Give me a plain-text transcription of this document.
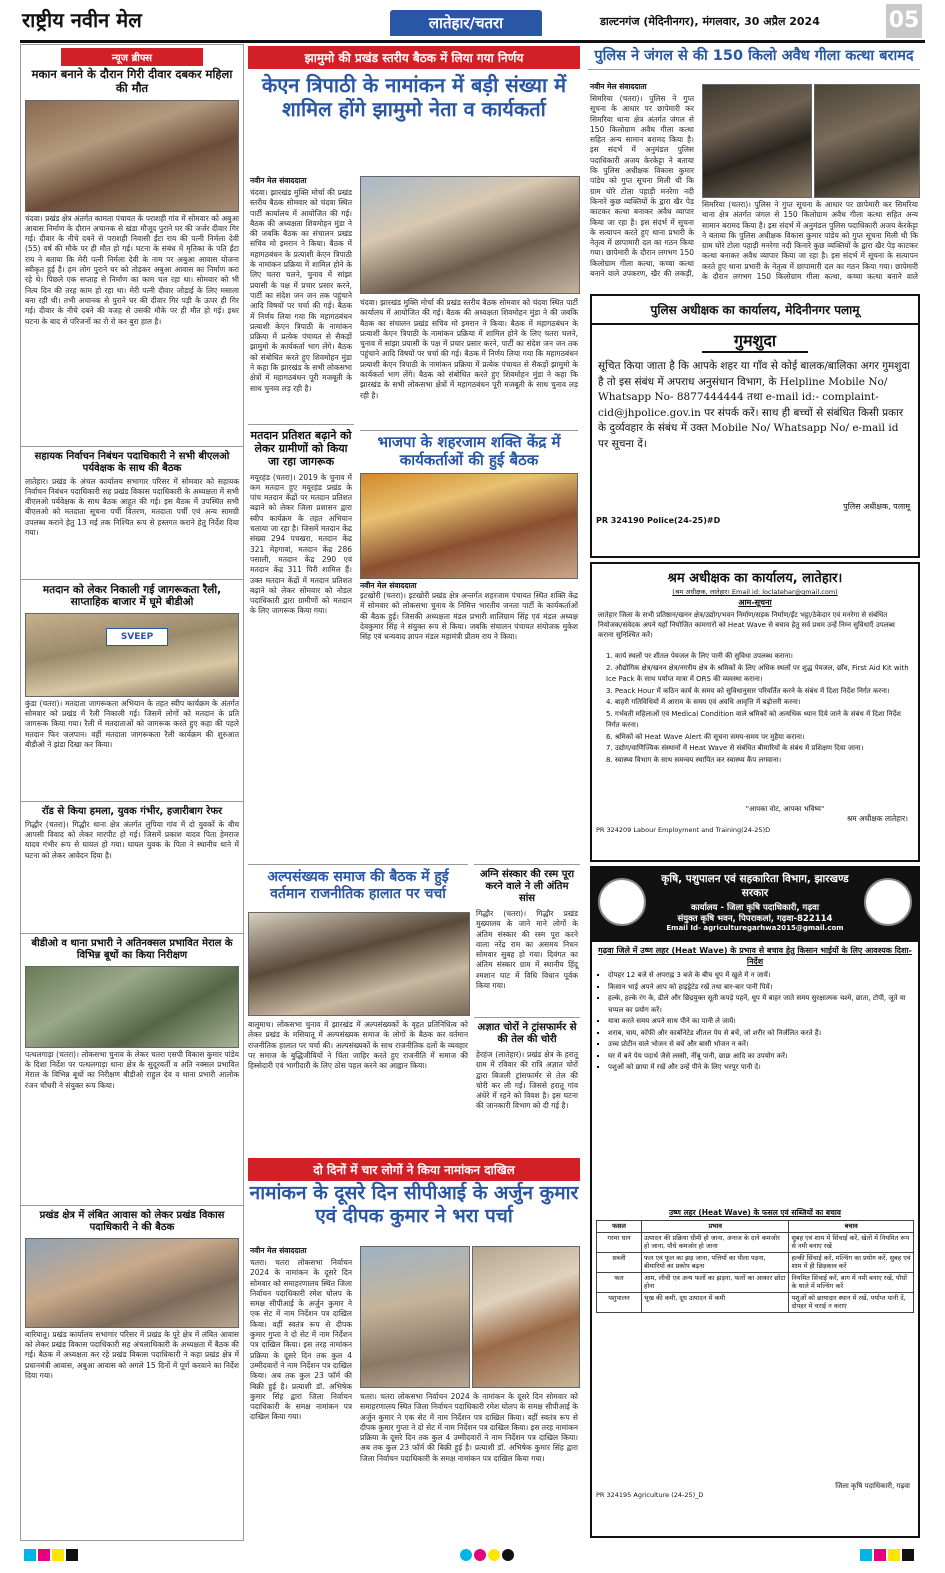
राष्ट्रीय नवीन मेल	लातेहार/चतरा	डाल्टनगंज (मेदिनीनगर), मंगलवार, 30 अप्रैल 2024	05
न्यूज ब्रीफ्स
मकान बनाने के दौरान गिरी दीवार दबकर महिला की मौत
चंदवा। प्रखंड क्षेत्र अंतर्गत कामता पंचायत के पराशही गांव में सोमवार को अबुआ आवास निर्माण के दौरान अचानक से खंडा मौजूद पुराने घर की जर्जर दीवार गिर गई। दीवार के नीचे दबने से पराशही निवासी ईंटा राय की पत्नी निर्मला देवी (55) वर्ष की मौके पर ही मौत हो गई। घटना के संबंध में मृतिका के पति ईंटा राय ने बताया कि मेरी पत्नी निर्मला देवी के नाम पर अबुआ आवास योजना स्वीकृत हुई है। हम लोग पुराने घर को तोड़कर अबुआ आवास का निर्माण करा रहे थे। पिछले एक सप्ताह से निर्माण का काम चल रहा था। सोमवार को भी नित्य दिन की तरह काम हो रहा था। मेरी पत्नी दीवार जोड़ाई के लिए मसाला बना रही थी। तभी अचानक से पुराने घर की दीवार गिर पड़ी के ऊपर ही गिर गई। दीवार के नीचे दबने की वजह से उसकी मौके पर ही मौत हो गई। इधर घटना के बाद से परिजनों का रो रो कर बुरा हाल है।
सहायक निर्वाचन निबंधन पदाधिकारी ने सभी बीएलओ पर्यवेक्षक के साथ की बैठक
लातेहार। प्रखंड के अंचल कार्यालय सभागार परिसर में सोमवार को सहायक निर्वाचन निबंधन पदाधिकारी सह प्रखंड विकास पदाधिकारी के अध्यक्षता में सभी बीएलओ पर्यवेक्षक के साथ बैठक आहूत की गई। इस बैठक में उपस्थित सभी बीएलओ को मतदाता सूचना पर्ची वितरण, मतदाता पर्ची एवं अन्य सामग्री उपलब्ध कराने हेतु 13 मई तक निश्चित रूप से हस्तगत कराने हेतु निर्देश दिया गया।
मतदान को लेकर निकाली गई जागरूकता रैली, साप्ताहिक बाजार में घूमे बीडीओ
SVEEP
कुंडा (चतरा)। मतदाता जागरूकता अभियान के तहत स्वीप कार्यक्रम के अंतर्गत सोमवार को प्रखंड में रैली निकाली गई। जिसमें लोगों को मतदान के प्रति जागरूक किया गया। रैली में मतदाताओं को जागरूक करते हुए कहा की पहले मतदान फिर जलपान। वहीं मतदाता जागरूकता रैली कार्यक्रम की शुरुआत बीडीओ ने झंडा दिखा कर किया।
रॉड से किया हमला, युवक गंभीर, हजारीबाग रेफर
गिद्धौर (चतरा)। गिद्धौर थाना क्षेत्र अंतर्गत लुपिया गांव में दो युवकों के बीच आपसी विवाद को लेकर मारपीट हो गई। जिसमें प्रकाश यादव पिता हेमराज यादव गंभीर रूप से घायल हो गया। घायल युवक के पिता ने स्थानीय थाने में घटना को लेकर आवेदन दिया है।
बीडीओ व थाना प्रभारी ने अतिनक्सल प्रभावित मेराल के विभिन्न बूथों का किया निरीक्षण
पत्थलगाड़ा (चतरा)। लोकसभा चुनाव के लेकर चतरा एसपी विकास कुमार पांडेय के दिशा निर्देश पर पत्थलगाड़ा थाना क्षेत्र के सुदूरवर्ती व अति नक्सल प्रभावित मेराल के विभिन्न बूथों का निरीक्षण बीडीओ राहुल देव व थाना प्रभारी आलोक रंजन चौधरी ने संयुक्त रूप किया।
प्रखंड क्षेत्र में लंबित आवास को लेकर प्रखंड विकास पदाधिकारी ने की बैठक
बारियातू। प्रखंड कार्यालय सभागार परिसर में प्रखंड के पूरे क्षेत्र में लंबित आवास को लेकर प्रखंड विकास पदाधिकारी सह अंचलाधिकारी के अध्यक्षता में बैठक की गई। बैठक में अध्यक्षता कर रहे प्रखंड विकास पदाधिकारी ने कहा प्रखंड क्षेत्र में प्रधानमंत्री आवास, अबुआ आवास को अगले 15 दिनों में पूर्ण करवाने का निर्देश दिया गया।
झामुमो की प्रखंड स्तरीय बैठक में लिया गया निर्णय
केएन त्रिपाठी के नामांकन में बड़ी संख्या में शामिल होंगे झामुमो नेता व कार्यकर्ता
नवीन मेल संवाददाता
चंदवा। झारखंड मुक्ति मोर्चा की प्रखंड स्तरीय बैठक सोमवार को चंदवा स्थित पार्टी कार्यालय में आयोजित की गई। बैठक की अध्यक्षता शिवमोहन मुंडा ने की जबकि बैठक का संचालन प्रखंड सचिव मो इमरान ने किया। बैठक में महागठबंधन के प्रत्याशी केएन त्रिपाठी के नामांकन प्रक्रिया में शामिल होने के लिए चतरा चलने, चुनाव में सांझा प्रयासी के पक्ष में प्रचार प्रसार करने, पार्टी का संदेश जन जन तक पहुंचाने आदि विषयों पर चर्चा की गई। बैठक में निर्णय लिया गया कि महागठबंधन प्रत्याशी केएन त्रिपाठी के नामांकन प्रक्रिया में प्रत्येक पंचायत से सैकड़ों झामुमो के कार्यकर्ता भाग लेंगे। बैठक को संबोधित करते हुए शिवमोहन मुंडा ने कहा कि झारखंड के सभी लोकसभा क्षेत्रों में महागठबंधन पूरी मजबूती के साथ चुनाव लड़ रही है।
चंदवा। झारखंड मुक्ति मोर्चा की प्रखंड स्तरीय बैठक सोमवार को चंदवा स्थित पार्टी कार्यालय में आयोजित की गई। बैठक की अध्यक्षता शिवमोहन मुंडा ने की जबकि बैठक का संचालन प्रखंड सचिव मो इमरान ने किया। बैठक में महागठबंधन के प्रत्याशी केएन त्रिपाठी के नामांकन प्रक्रिया में शामिल होने के लिए चतरा चलने, चुनाव में सांझा प्रयासी के पक्ष में प्रचार प्रसार करने, पार्टी का संदेश जन जन तक पहुंचाने आदि विषयों पर चर्चा की गई। बैठक में निर्णय लिया गया कि महागठबंधन प्रत्याशी केएन त्रिपाठी के नामांकन प्रक्रिया में प्रत्येक पंचायत से सैकड़ों झामुमो के कार्यकर्ता भाग लेंगे। बैठक को संबोधित करते हुए शिवमोहन मुंडा ने कहा कि झारखंड के सभी लोकसभा क्षेत्रों में महागठबंधन पूरी मजबूती के साथ चुनाव लड़ रही है।
मतदान प्रतिशत बढ़ाने को लेकर ग्रामीणों को किया जा रहा जागरूक
मयूरहंड (चतरा)। 2019 के चुनाव में कम मतदान हुए मयूरहंड प्रखंड के पांच मतदान केंद्रों पर मतदान प्रतिशत बढ़ाने को लेकर जिला प्रशासन द्वारा स्वीप कार्यक्रम के तहत अभियान चलाया जा रहा है। जिसमें मतदान केंद्र संख्या 294 पचखरा, मतदान केंद्र 321 मेहगावां, मतदान केंद्र 286 पसाली, मतदान केंद्र 290 एवं मतदान केंद्र 311 पिरी शामिल हैं। उक्त मतदान केंद्रों में मतदान प्रतिशत बढ़ाने को लेकर सोमवार को नोडल पदाधिकारी द्वारा ग्रामीणों को मतदान के लिए जागरूक किया गया।
भाजपा के शहरजाम शक्ति केंद्र में कार्यकर्ताओं की हुई बैठक
नवीन मेल संवाददाता
इटखोरी (चतरा)। इटखोरी प्रखंड क्षेत्र अन्तर्गत शहरजाम पंचायत स्थित शक्ति केंद्र में सोमवार को लोकसभा चुनाव के निमित्त भारतीय जनता पार्टी के कार्यकर्ताओं की बैठक हुई। जिसकी अध्यक्षता मंडल प्रभारी शालिग्राम सिंह एवं मंडल अध्यक्ष देवकुमार सिंह ने संयुक्त रूप से किया। जबकि संचालन पंचायत संयोजक मुकेश सिंह एवं धन्यवाद ज्ञापन मंडल महामंत्री प्रीतम राय ने किया।
अल्पसंख्यक समाज की बैठक में हुई वर्तमान राजनीतिक हालात पर चर्चा
बालूमाथ। लोकसभा चुनाव में झारखंड में अल्पसंख्यकों के वृहत प्रतिनिधित्व को लेकर प्रखंड के मसियातू में अल्पसंख्यक समाज के लोगों के बैठक कर वर्तमान राजनीतिक हालात पर चर्चा की। अल्पसंख्यकों के साथ राजनीतिक दलों के व्यवहार पर समाज के बुद्धिजीवियों ने चिंता जाहिर करते हुए राजनीति में समाज की हिस्सेदारी एवं भागीदारी के लिए ठोस पहल करने का आह्वान किया।
अग्नि संस्कार की रस्म पूरा करने वाले ने ली अंतिम सांस
गिद्धौर (चतरा)। गिद्धौर प्रखंड मुख्यालय के जाने माने लोगों के अंतिम संस्कार की रस्म पूरा करने वाला नरेंद्र राम का असमय निधन सोमवार सुबह हो गया। दिवंगत का अंतिम संस्कार ग्राम में स्थानीय हिंदू श्मशान घाट में विधि विधान पूर्वक किया गया।
अज्ञात चोरों ने ट्रांसफार्मर से की तेल की चोरी
हेरहंज (लातेहार)। प्रखंड क्षेत्र के हरातू ग्राम में रविवार की रात्रि अज्ञात चोरों द्वारा बिजली ट्रांसफार्मर से तेल की चोरी कर ली गई। जिससे हरातू गांव अंधेरे में रहने को विवश है। इस घटना की जानकारी विभाग को दी गई है।
दो दिनों में चार लोगों ने किया नामांकन दाखिल
नामांकन के दूसरे दिन सीपीआई के अर्जुन कुमार एवं दीपक कुमार ने भरा पर्चा
नवीन मेल संवाददाता
चतरा। चतरा लोकसभा निर्वाचन 2024 के नामांकन के दूसरे दिन सोमवार को समाहरणालय स्थित जिला निर्वाचन पदाधिकारी रमेश घोलप के समक्ष सीपीआई के अर्जुन कुमार ने एक सेट में नाम निर्देशन पत्र दाखिल किया। वहीं स्वतंत्र रूप से दीपक कुमार गुप्ता ने दो सेट में नाम निर्देशन पत्र दाखिल किया। इस तरह नामांकन प्रक्रिया के दूसरे दिन तक कुल 4 उम्मीदवारों ने नाम निर्देशन पत्र दाखिल किया। अब तक कुल 23 फॉर्म की बिक्री हुई है। प्रत्याशी डॉ. अभिषेक कुमार सिंह द्वारा जिला निर्वाचन पदाधिकारी के समक्ष नामांकन पत्र दाखिल किया गया।
चतरा। चतरा लोकसभा निर्वाचन 2024 के नामांकन के दूसरे दिन सोमवार को समाहरणालय स्थित जिला निर्वाचन पदाधिकारी रमेश घोलप के समक्ष सीपीआई के अर्जुन कुमार ने एक सेट में नाम निर्देशन पत्र दाखिल किया। वहीं स्वतंत्र रूप से दीपक कुमार गुप्ता ने दो सेट में नाम निर्देशन पत्र दाखिल किया। इस तरह नामांकन प्रक्रिया के दूसरे दिन तक कुल 4 उम्मीदवारों ने नाम निर्देशन पत्र दाखिल किया। अब तक कुल 23 फॉर्म की बिक्री हुई है। प्रत्याशी डॉ. अभिषेक कुमार सिंह द्वारा जिला निर्वाचन पदाधिकारी के समक्ष नामांकन पत्र दाखिल किया गया।
पुलिस ने जंगल से की 150 किलो अवैध गीला कत्था बरामद
नवीन मेल संवाददाता
सिमरिया (चतरा)। पुलिस ने गुप्त सूचना के आधार पर छापेमारी कर सिमरिया थाना क्षेत्र अंतर्गत जंगल से 150 किलोग्राम अवैध गीला कत्था सहित अन्य सामान बरामद किया है। इस संदर्भ में अनुमंडल पुलिस पदाधिकारी अजय केरकेट्टा ने बताया कि पुलिस अधीक्षक विकास कुमार पांडेय को गुप्त सूचना मिली थी कि ग्राम घोरे टोला पहाड़ी मनरेगा नदी किनारे कुछ व्यक्तियों के द्वारा खैर पेड़ काटकर कत्था बनाकर अवैध व्यापार किया जा रहा है। इस संदर्भ में सूचना के सत्यापन करते हुए थाना प्रभारी के नेतृत्व में छापामारी दल का गठन किया गया। छापेमारी के दौरान लगभग 150 किलोग्राम गीला कत्था, कच्चा कत्था बनाने वाले उपकरण, खैर की लकड़ी,
सिमरिया (चतरा)। पुलिस ने गुप्त सूचना के आधार पर छापेमारी कर सिमरिया थाना क्षेत्र अंतर्गत जंगल से 150 किलोग्राम अवैध गीला कत्था सहित अन्य सामान बरामद किया है। इस संदर्भ में अनुमंडल पुलिस पदाधिकारी अजय केरकेट्टा ने बताया कि पुलिस अधीक्षक विकास कुमार पांडेय को गुप्त सूचना मिली थी कि ग्राम घोरे टोला पहाड़ी मनरेगा नदी किनारे कुछ व्यक्तियों के द्वारा खैर पेड़ काटकर कत्था बनाकर अवैध व्यापार किया जा रहा है। इस संदर्भ में सूचना के सत्यापन करते हुए थाना प्रभारी के नेतृत्व में छापामारी दल का गठन किया गया। छापेमारी के दौरान लगभग 150 किलोग्राम गीला कत्था, कच्चा कत्था बनाने वाले
पुलिस अधीक्षक का कार्यालय, मेदिनीनगर पलामू
गुमशुदा
सूचित किया जाता है कि आपके शहर या गाँव से कोई बालक/बालिका अगर गुमशुदा है तो इस संबंध में अपराध अनुसंधान विभाग, के Helpline Mobile No/ Whatsapp No- 8877444444 तथा e-mail id:- complaint- cid@jhpolice.gov.in पर संपर्क करें। साथ ही बच्चों से संबंधित किसी प्रकार के दुर्व्यवहार के संबंध में उक्त Mobile No/ Whatsapp No/ e-mail id पर सूचना दें।
पुलिस अधीक्षक, पलामू
PR 324190 Police(24-25)#D
श्रम अधीक्षक का कार्यालय, लातेहार।
(श्रम अधीक्षक, लातेहार। Email id: loclatehar@gmail.com)
आम-सूचना
लातेहार जिला के सभी प्रतिष्ठान/खनन क्षेत्र/उद्योग/भवन निर्माण/सड़क निर्माण/ईंट भट्ठा/ठेकेदार एवं मनरेगा से संबंधित नियोजक/संवेदक अपने यहाँ नियोजित कामगारों को Heat Wave से बचाव हेतु सर्व प्रथम उन्हें निम्न सुविधाएँ उपलब्ध कराना सुनिश्चित करें।
1. कार्य स्थलों पर शीतल पेयजल के लिए पानी की सुविधा उपलब्ध कराना।
2. औद्योगिक क्षेत्र/खनन क्षेत्र/नगरीय क्षेत्र के श्रमिकों के लिए अधिक स्थलों पर शुद्ध पेयजल, छाँव, First Aid Kit with Ice Pack के साथ पर्याप्त मात्रा में ORS की व्यवस्था कराना।
3. Peack Hour में कठिन कार्य के समय को सुविधानुसार परिवर्तित करने के संबंध में दिशा निर्देश निर्गत करना।
4. बाहरी गतिविधियों में आराम के समय एवं अवधि आवृत्ति में बढ़ोत्तरी करना।
5. गर्भवती महिलाओं एवं Medical Condition वाले श्रमिकों को अत्यधिक ध्यान दिये जाने के संबंध में दिशा निर्देश निर्गत करना।
6. श्रमिकों को Heat Wave Alert की सूचना समय-समय पर मुहैया कराना।
7. उद्योग/वाणिज्यिक संस्थानों में Heat Wave से संबंधित बीमारियों के संबंध में प्रशिक्षण दिया जाना।
8. स्वास्थ्य विभाग के साथ समन्वय स्थापित कर स्वास्थ्य कैंप लगवाना।
"आपका वोट, आपका भविष्य"
श्रम अधीक्षक लातेहार।
PR 324209 Labour Employment and Training(24-25)D
कृषि, पशुपालन एवं सहकारिता विभाग, झारखण्ड सरकार
कार्यालय - जिला कृषि पदाधिकारी, गढ़वा
संयुक्त कृषि भवन, पिपराकलां, गढ़वा-822114
Email Id- agriculturegarhwa2015@gmail.com
गढ़वा जिले में उष्ण लहर (Heat Wave) के प्रभाव से बचाव हेतु किसान भाईयों के लिए आवश्यक दिशा-निर्देश
▪ दोपहर 12 बजे से अपराह्न 3 बजे के बीच धूप में खुले में न जायें।
▪ किसान भाई अपने आप को हाइड्रेटेड रखें तथा बार-बार पानी पियें।
▪ हल्के, हल्के रंग के, ढीले और छिद्रयुक्त सूती कपड़े पहनें, धूप में बाहर जाते समय सुरक्षात्मक चश्मे, छाता, टोपी, जूते या चप्पल का प्रयोग करें।
▪ यात्रा करते समय अपने साथ पीने का पानी ले जायें।
▪ शराब, चाय, कॉफी और कार्बोनेटेड शीतल पेय से बचें, जो शरीर को निर्जलित करते हैं।
▪ उच्च प्रोटीन वाले भोजन से बचें और बासी भोजन न करें।
▪ घर में बने पेय पदार्थ जैसे लस्सी, नींबू पानी, छाछ आदि का उपयोग करें।
▪ पशुओं को छाया में रखें और उन्हें पीने के लिए भरपूर पानी दें।
उष्ण लहर (Heat Wave) के फसल एवं सब्जियों का बचाव
फसल	प्रभाव	बचाव
गरमा धान	उत्पादन की प्रक्रिया धीमी हो जाना, अनाज के दाने कमजोर हो जाना, पौधे कमजोर हो जाना	सुबह एवं शाम में सिंचाई करें, खेतों में नियमित रूप से नमी बनाए रखें
सब्जी	फल एवं फूल का झड़ जाना, पत्तियों का पीला पड़ना, बीमारियों का प्रकोप बढ़ना	हल्की सिंचाई करें, मल्चिंग का प्रयोग करें, सुबह एवं शाम में ही छिड़काव करें
फल	आम, लीची एवं अन्य फलों का झड़ना, फलों का आकार छोटा होना	नियमित सिंचाई करें, बाग में नमी बनाए रखें, पौधों के थाले में मल्चिंग करें
पशुपालन	भूख की कमी, दूध उत्पादन में कमी	पशुओं को छायादार स्थान में रखें, पर्याप्त पानी दें, दोपहर में चराई न कराएं
जिला कृषि पदाधिकारी, गढ़वा
PR 324195 Agriculture (24-25)_D
